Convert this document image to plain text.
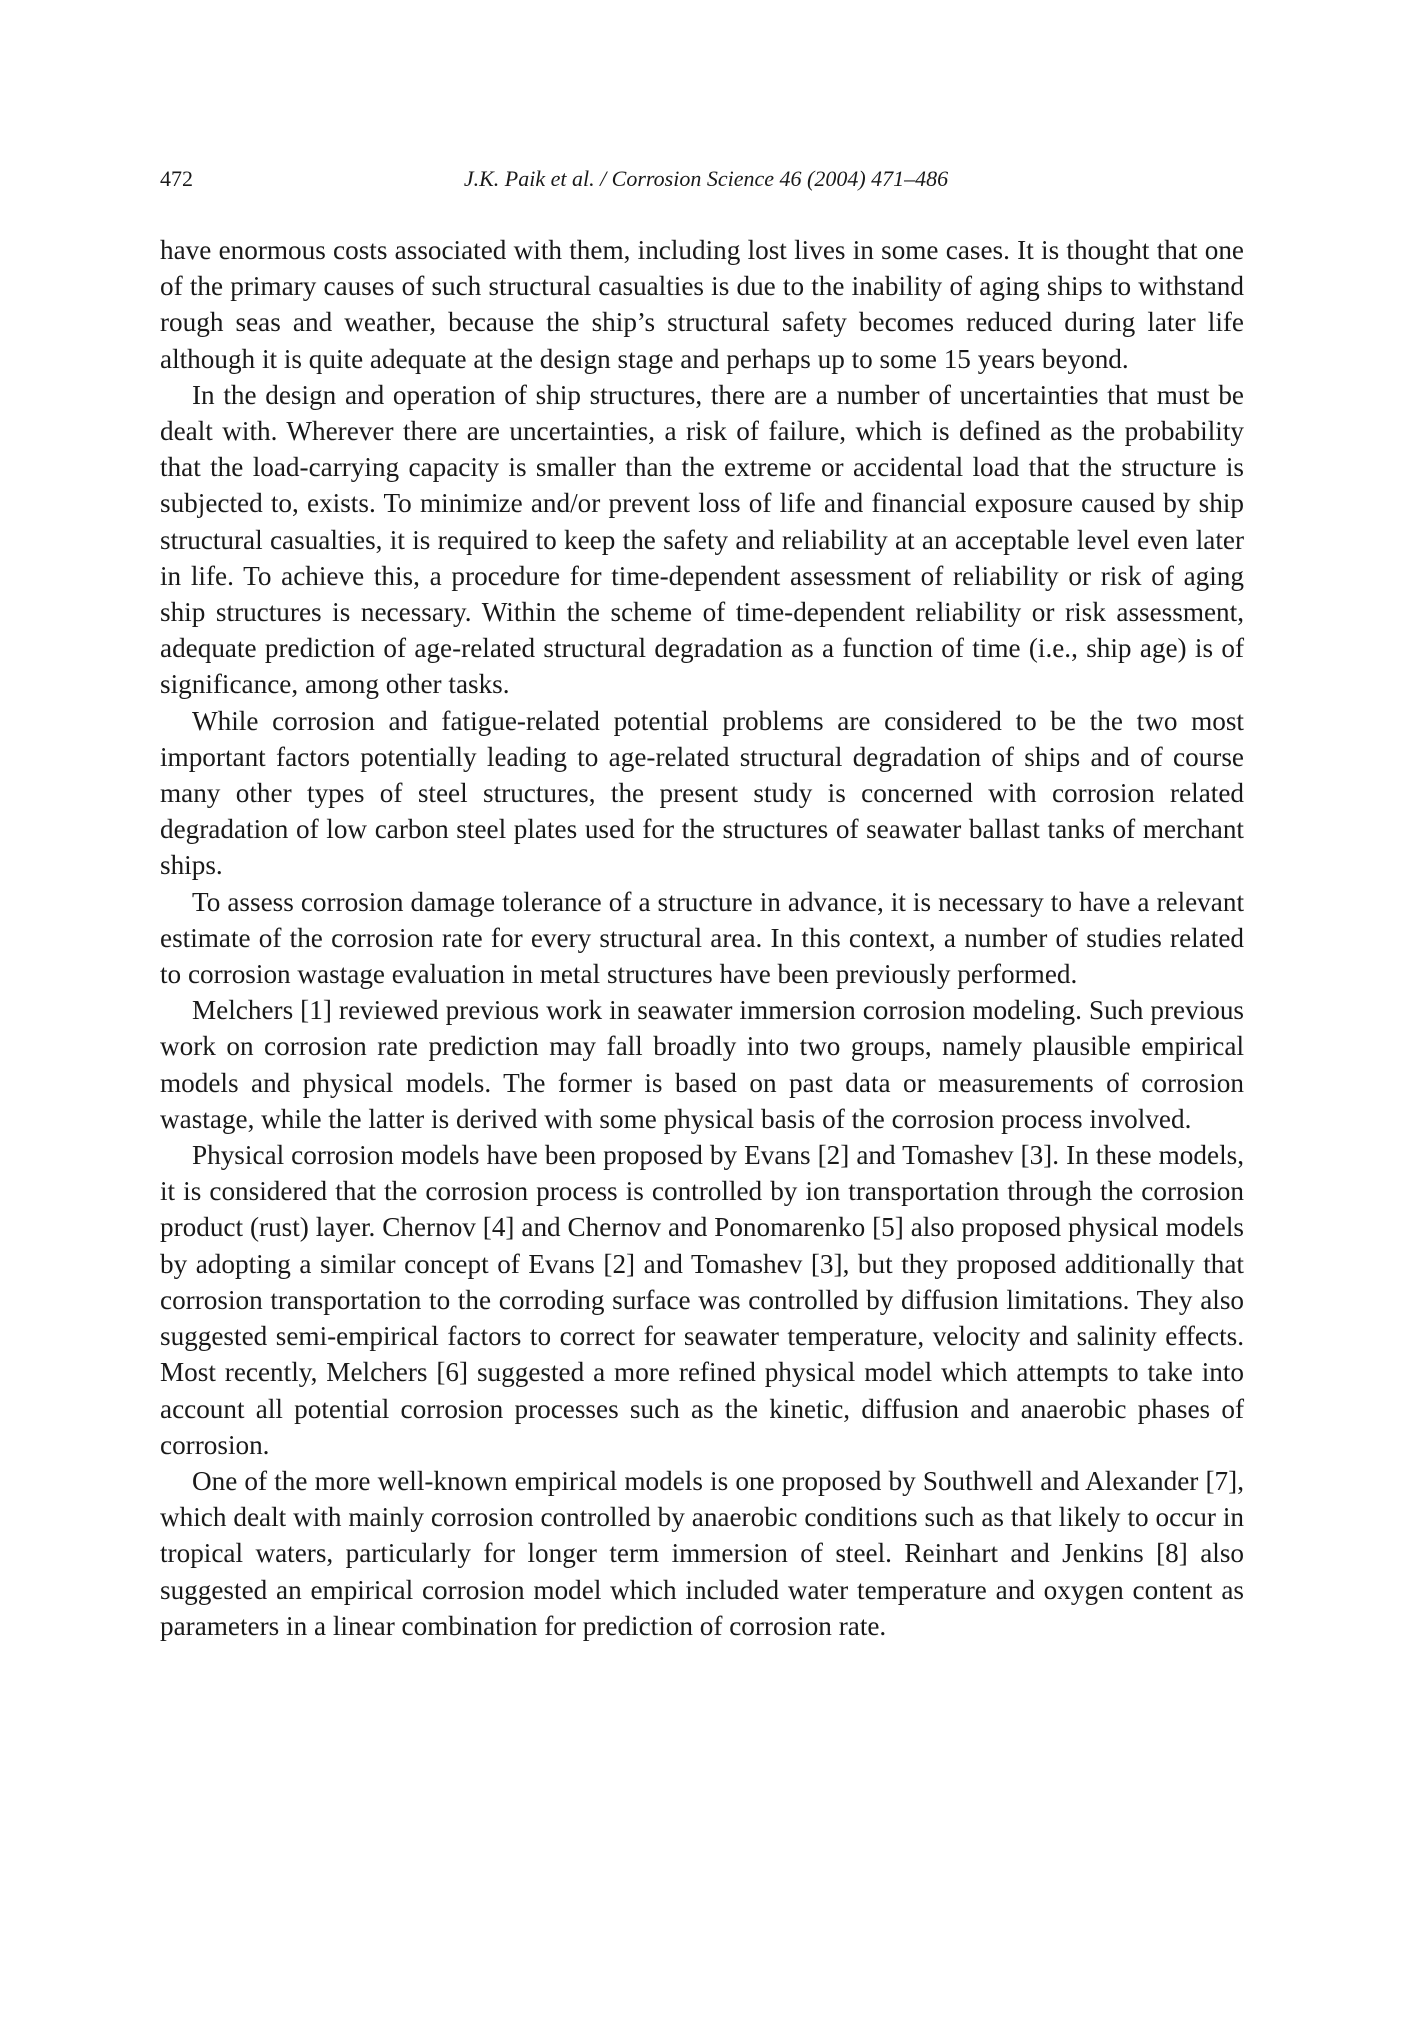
472	J.K. Paik et al. / Corrosion Science 46 (2004) 471–486

have enormous costs associated with them, including lost lives in some cases. It is thought that one of the primary causes of such structural casualties is due to the inability of aging ships to withstand rough seas and weather, because the ship’s structural safety becomes reduced during later life although it is quite adequate at the design stage and perhaps up to some 15 years beyond.

In the design and operation of ship structures, there are a number of uncertainties that must be dealt with. Wherever there are uncertainties, a risk of failure, which is defined as the probability that the load-carrying capacity is smaller than the extreme or accidental load that the structure is subjected to, exists. To minimize and/or prevent loss of life and financial exposure caused by ship structural casualties, it is required to keep the safety and reliability at an acceptable level even later in life. To achieve this, a procedure for time-dependent assessment of reliability or risk of aging ship structures is necessary. Within the scheme of time-dependent reliability or risk assessment, adequate prediction of age-related structural degradation as a function of time (i.e., ship age) is of significance, among other tasks.

While corrosion and fatigue-related potential problems are considered to be the two most important factors potentially leading to age-related structural degradation of ships and of course many other types of steel structures, the present study is concerned with corrosion related degradation of low carbon steel plates used for the structures of seawater ballast tanks of merchant ships.

To assess corrosion damage tolerance of a structure in advance, it is necessary to have a relevant estimate of the corrosion rate for every structural area. In this context, a number of studies related to corrosion wastage evaluation in metal structures have been previously performed.

Melchers [1] reviewed previous work in seawater immersion corrosion modeling. Such previous work on corrosion rate prediction may fall broadly into two groups, namely plausible empirical models and physical models. The former is based on past data or measurements of corrosion wastage, while the latter is derived with some physical basis of the corrosion process involved.

Physical corrosion models have been proposed by Evans [2] and Tomashev [3]. In these models, it is considered that the corrosion process is controlled by ion transportation through the corrosion product (rust) layer. Chernov [4] and Chernov and Ponomarenko [5] also proposed physical models by adopting a similar concept of Evans [2] and Tomashev [3], but they proposed additionally that corrosion transportation to the corroding surface was controlled by diffusion limitations. They also suggested semi-empirical factors to correct for seawater temperature, velocity and salinity effects. Most recently, Melchers [6] suggested a more refined physical model which attempts to take into account all potential corrosion processes such as the kinetic, diffusion and anaerobic phases of corrosion.

One of the more well-known empirical models is one proposed by Southwell and Alexander [7], which dealt with mainly corrosion controlled by anaerobic conditions such as that likely to occur in tropical waters, particularly for longer term immersion of steel. Reinhart and Jenkins [8] also suggested an empirical corrosion model which included water temperature and oxygen content as parameters in a linear combination for prediction of corrosion rate.
